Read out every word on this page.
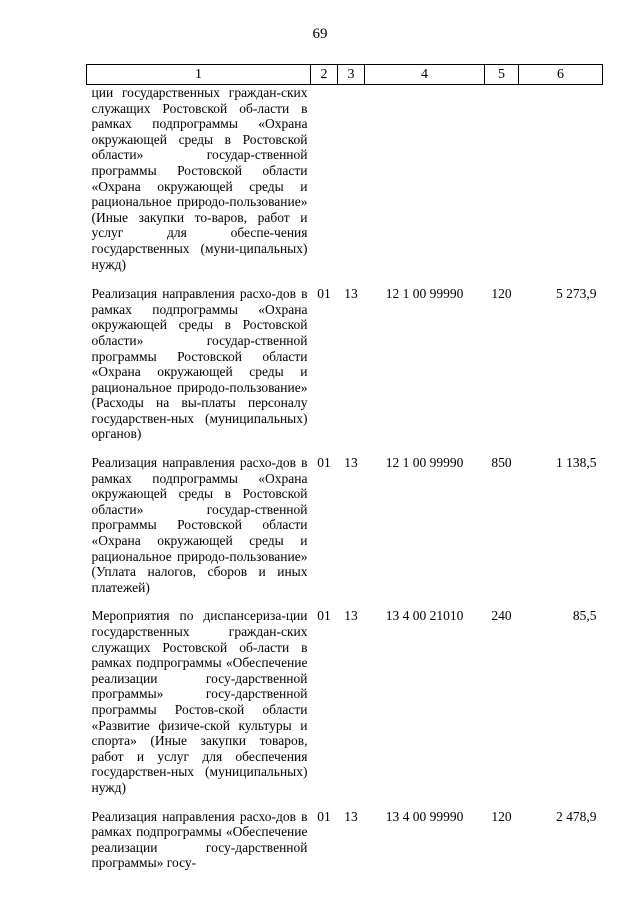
69
1	2	3	4	5	6
ции государственных граждан-ских служащих Ростовской об-ласти в рамках подпрограммы «Охрана окружающей среды в Ростовской области» государ-ственной программы Ростовской области «Охрана окружающей среды и рациональное природо-пользование» (Иные закупки то-варов, работ и услуг для обеспе-чения государственных (муни-ципальных) нужд)					
Реализация направления расхо-дов в рамках подпрограммы «Охрана окружающей среды в Ростовской области» государ-ственной программы Ростовской области «Охрана окружающей среды и рациональное природо-пользование» (Расходы на вы-платы персоналу государствен-ных (муниципальных) органов)	01	13	12 1 00 99990	120	5 273,9
Реализация направления расхо-дов в рамках подпрограммы «Охрана окружающей среды в Ростовской области» государ-ственной программы Ростовской области «Охрана окружающей среды и рациональное природо-пользование» (Уплата налогов, сборов и иных платежей)	01	13	12 1 00 99990	850	1 138,5
Мероприятия по диспансериза-ции государственных граждан-ских служащих Ростовской об-ласти в рамках подпрограммы «Обеспечение реализации госу-дарственной программы» госу-дарственной программы Ростов-ской области «Развитие физиче-ской культуры и спорта» (Иные закупки товаров, работ и услуг для обеспечения государствен-ных (муниципальных) нужд)	01	13	13 4 00 21010	240	85,5
Реализация направления расхо-дов в рамках подпрограммы «Обеспечение реализации госу-дарственной программы» госу-	01	13	13 4 00 99990	120	2 478,9
